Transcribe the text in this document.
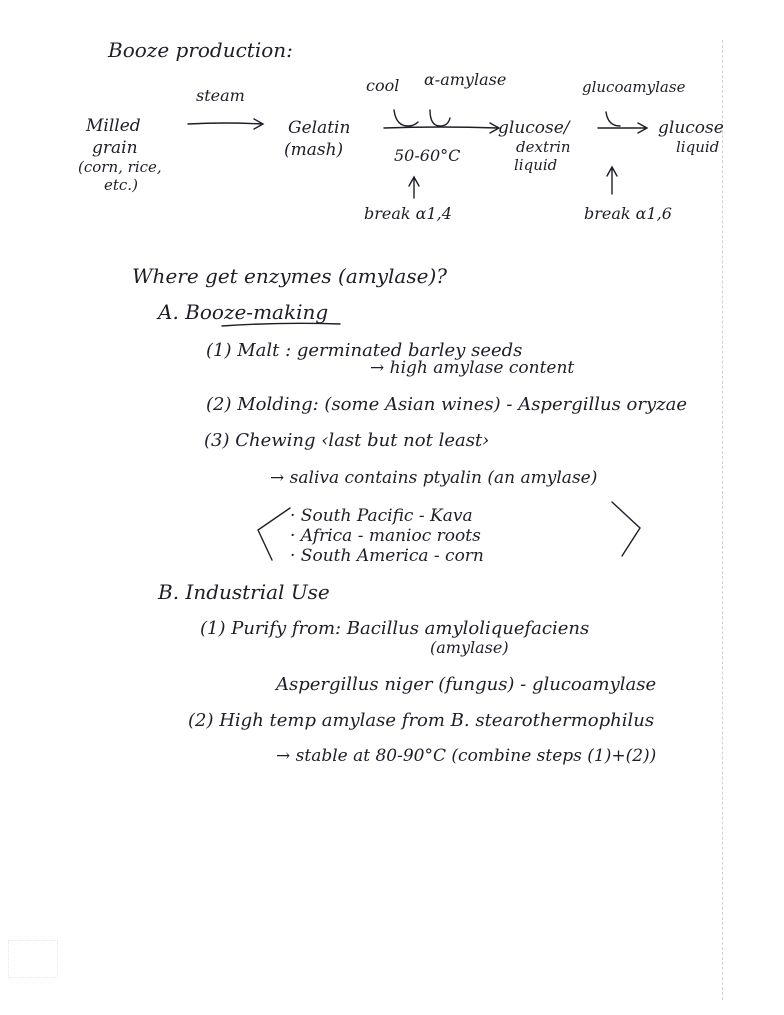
Booze production:
Milled
grain
(corn, rice,
etc.)
steam
Gelatin
(mash)
cool α-amylase
50-60°C
break α1,4
glucose/
dextrin
liquid
glucoamylase
glucose
liquid
break α1,6
Where get enzymes (amylase)?
A. Booze-making
(1) Malt : germinated barley seeds
→ high amylase content
(2) Molding: (some Asian wines) - Aspergillus oryzae
(3) Chewing ‹last but not least›
→ saliva contains ptyalin (an amylase)
· South Pacific - Kava
· Africa - manioc roots
· South America - corn
B. Industrial Use
(1) Purify from: Bacillus amyloliquefaciens
(amylase)
Aspergillus niger (fungus) - glucoamylase
(2) High temp amylase from B. stearothermophilus
→ stable at 80-90°C (combine steps (1)+(2))
